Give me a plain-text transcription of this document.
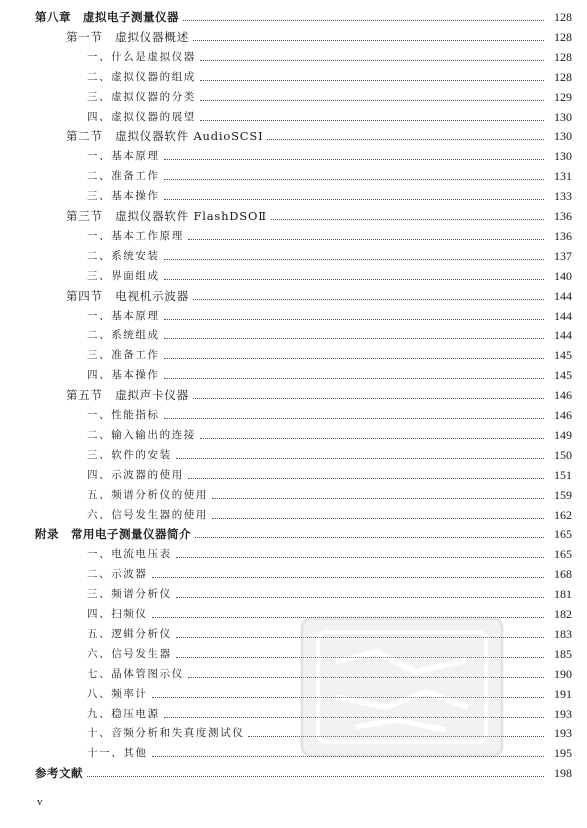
第八章　虚拟电子测量仪器	128
第一节　虚拟仪器概述	128
一、什么是虚拟仪器	128
二、虚拟仪器的组成	128
三、虚拟仪器的分类	129
四、虚拟仪器的展望	130
第二节　虚拟仪器软件 AudioSCSI	130
一、基本原理	130
二、准备工作	131
三、基本操作	133
第三节　虚拟仪器软件 FlashDSOⅡ	136
一、基本工作原理	136
二、系统安装	137
三、界面组成	140
第四节　电视机示波器	144
一、基本原理	144
二、系统组成	144
三、准备工作	145
四、基本操作	145
第五节　虚拟声卡仪器	146
一、性能指标	146
二、输入输出的连接	149
三、软件的安装	150
四、示波器的使用	151
五、频谱分析仪的使用	159
六、信号发生器的使用	162
附录　常用电子测量仪器简介	165
一、电流电压表	165
二、示波器	168
三、频谱分析仪	181
四、扫频仪	182
五、逻辑分析仪	183
六、信号发生器	185
七、晶体管图示仪	190
八、频率计	191
九、稳压电源	193
十、音频分析和失真度测试仪	193
十一、其他	195
参考文献	198
v
